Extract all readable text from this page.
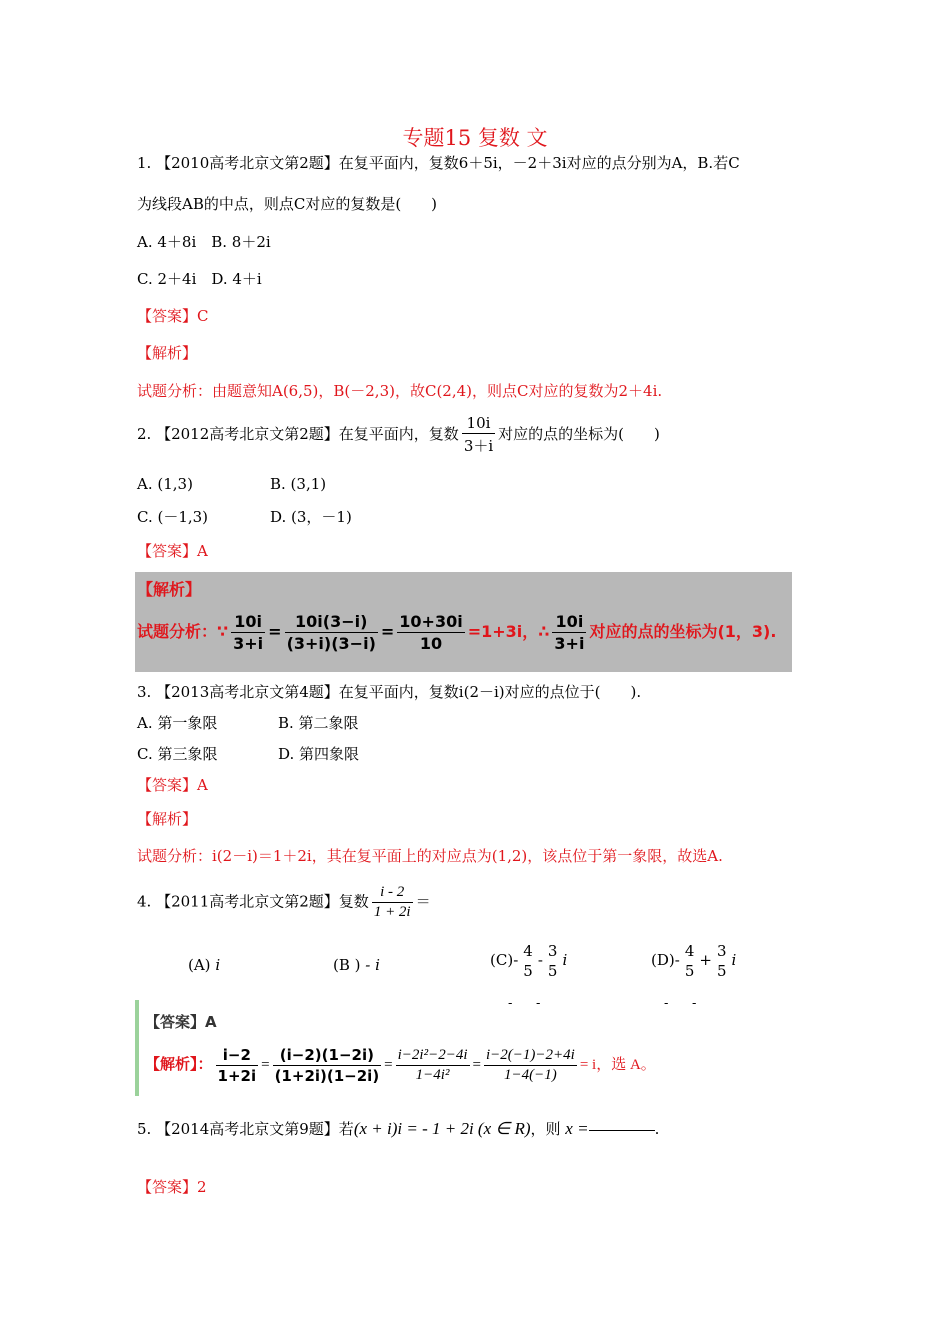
专题15 复数 文
1. 【2010高考北京文第2题】在复平面内，复数6＋5i，－2＋3i对应的点分别为A，B.若C
为线段AB的中点，则点C对应的复数是(　　)
A. 4＋8i　B. 8＋2i
C. 2＋4i　D. 4＋i
【答案】C
【解析】
试题分析：由题意知A(6,5)，B(－2,3)，故C(2,4)，则点C对应的复数为2＋4i.
2. 【2012高考北京文第2题】在复平面内，复数 $\frac{10i}{3+i}$ 对应的点的坐标为(　　)
A. (1,3)	B. (3,1)
C. (－1,3)	D. (3，－1)
【答案】A
【解析】
试题分析：∵ $\frac{10i}{3+i} = \frac{10i(3-i)}{(3+i)(3-i)} = \frac{10+30i}{10} =1+3i$，∴ $\frac{10i}{3+i}$ 对应的点的坐标为(1，3).
3. 【2013高考北京文第4题】在复平面内，复数i(2－i)对应的点位于(　　).
A. 第一象限	B. 第二象限
C. 第三象限	D. 第四象限
【答案】A
【解析】
试题分析：i(2－i)＝1＋2i，其在复平面上的对应点为(1,2)，该点位于第一象限，故选A.
4. 【2011高考北京文第2题】复数 $\frac{i - 2}{1 + 2i}$ ＝
(A) i	(B ) - i	(C)- 4
5
- 3
5
i	(D)- 4
5
+ 3
5
i
- -	- -
【答案】A
【解析】： $\frac{i-2}{1+2i} = \frac{(i-2)(1-2i)}{(1+2i)(1-2i)} = \frac{\text{i−2i²−2−4i}}{\text{1−4i²}} = \frac{i-2(-1)-2+4i}{1-4(-1)} = i$，选 A。
5. 【2014高考北京文第9题】若(x + i)i = - 1 + 2i (x ∈ R)，则 x =	.
【答案】2
